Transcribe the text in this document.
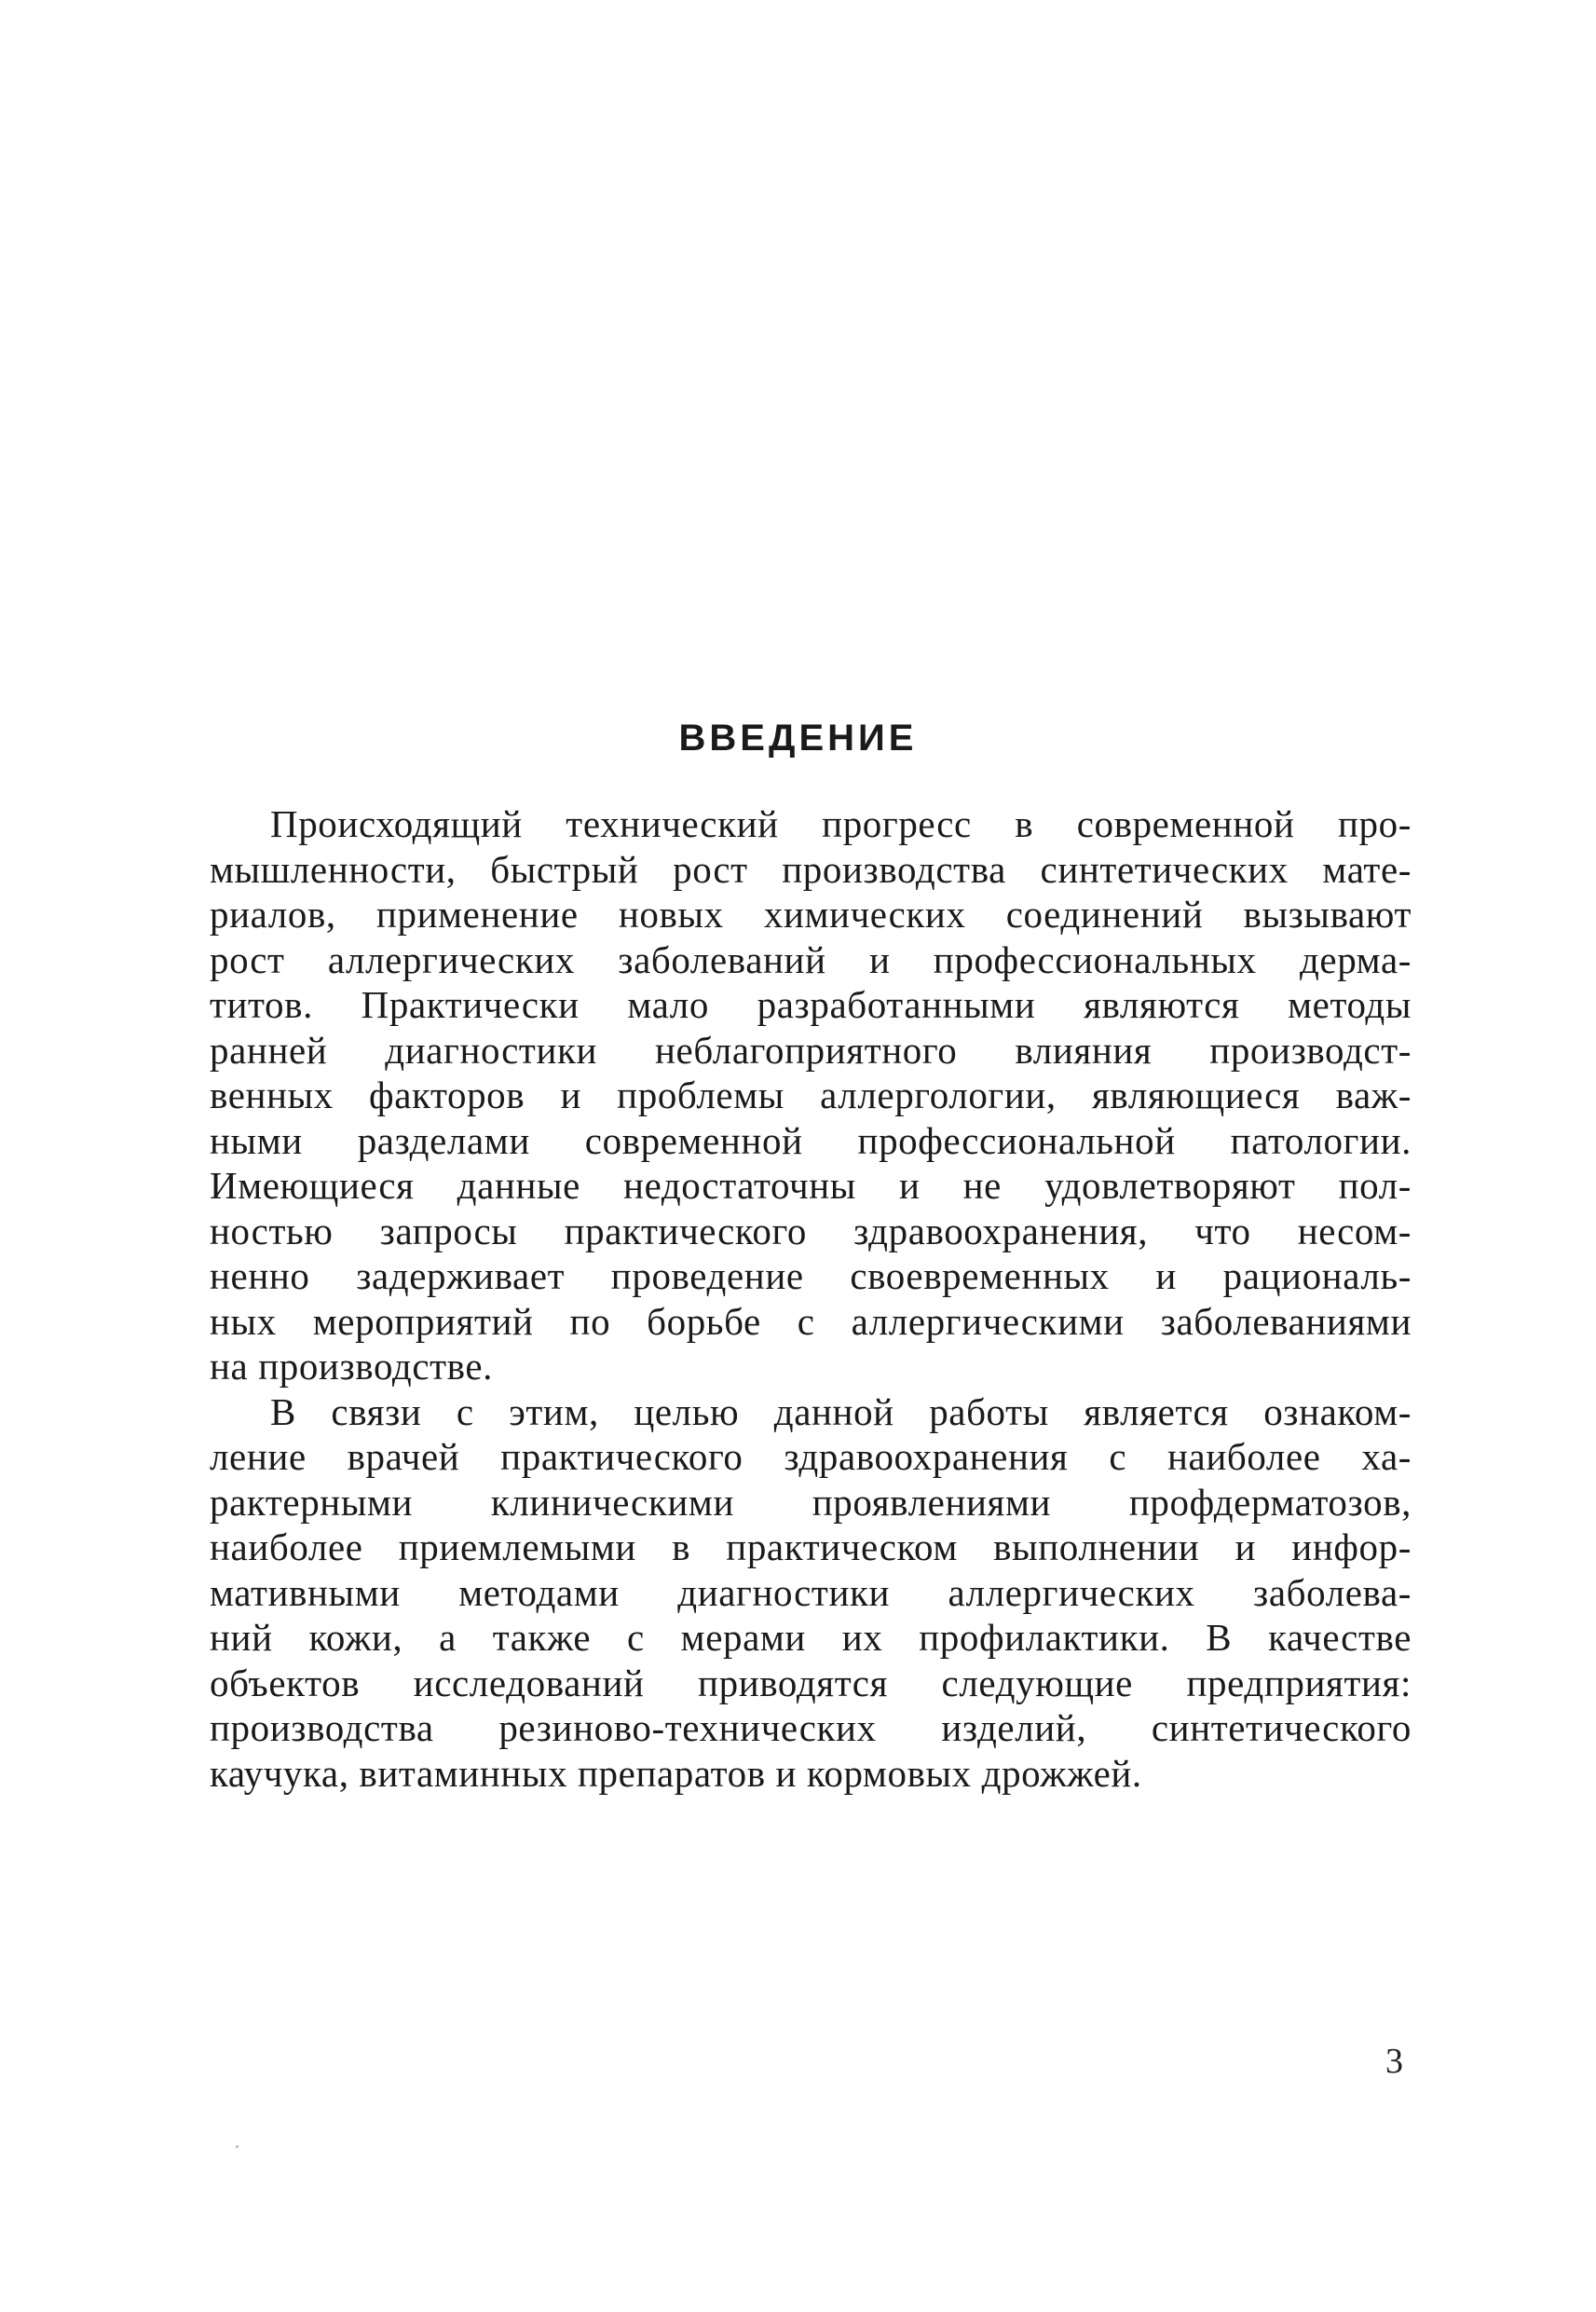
ВВЕДЕНИЕ
Происходящий технический прогресс в современной про-
мышленности, быстрый рост производства синтетических мате-
риалов, применение новых химических соединений вызывают
рост аллергических заболеваний и профессиональных дерма-
титов. Практически мало разработанными являются методы
ранней диагностики неблагоприятного влияния производст-
венных факторов и проблемы аллергологии, являющиеся важ-
ными разделами современной профессиональной патологии.
Имеющиеся данные недостаточны и не удовлетворяют пол-
ностью запросы практического здравоохранения, что несом-
ненно задерживает проведение своевременных и рациональ-
ных мероприятий по борьбе с аллергическими заболеваниями
на производстве.
В связи с этим, целью данной работы является ознаком-
ление врачей практического здравоохранения с наиболее ха-
рактерными клиническими проявлениями профдерматозов,
наиболее приемлемыми в практическом выполнении и инфор-
мативными методами диагностики аллергических заболева-
ний кожи, а также с мерами их профилактики. В качестве
объектов исследований приводятся следующие предприятия:
производства резиново-технических изделий, синтетического
каучука, витаминных препаратов и кормовых дрожжей.
3
